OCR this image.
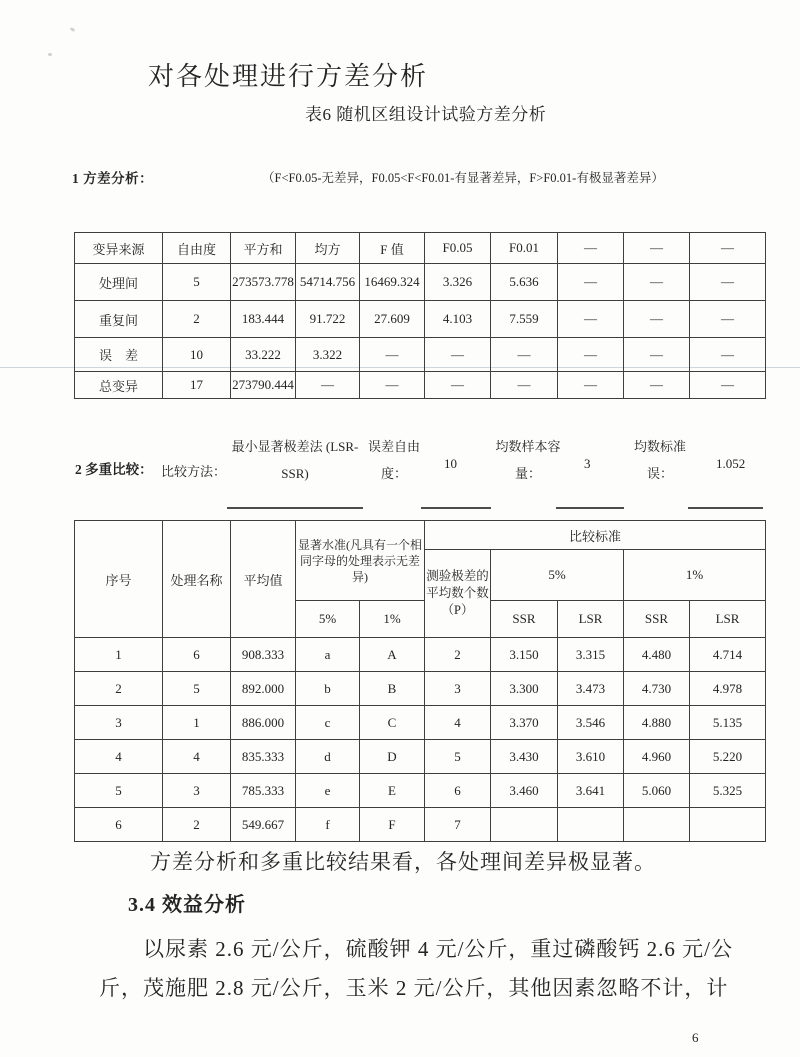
对各处理进行方差分析
表6 随机区组设计试验方差分析
1 方差分析：	（F<F0.05-无差异，F0.05<F<F0.01-有显著差异，F>F0.01-有极显著差异）
变异来源	自由度	平方和	均方	F 值	F0.05	F0.01	—	—	—
处理间	5	273573.778	54714.756	16469.324	3.326	5.636	—	—	—
重复间	2	183.444	91.722	27.609	4.103	7.559	—	—	—
误　差	10	33.222	3.322	—	—	—	—	—	—
总变异	17	273790.444	—	—	—	—	—	—	—
2 多重比较： 比较方法：
最小显著极差法 (LSR-SSR)
误差自由度：
10
均数样本容量：
3
均数标准误：
1.052
序号	处理名称	平均值	显著水准(凡具有一个相同字母的处理表示无差异)		比较标准				
					测验极差的平均数个数（P）	5%		1%	
			5%	1%		SSR	LSR	SSR	LSR
1	6	908.333	a	A	2	3.150	3.315	4.480	4.714
2	5	892.000	b	B	3	3.300	3.473	4.730	4.978
3	1	886.000	c	C	4	3.370	3.546	4.880	5.135
4	4	835.333	d	D	5	3.430	3.610	4.960	5.220
5	3	785.333	e	E	6	3.460	3.641	5.060	5.325
6	2	549.667	f	F	7				
方差分析和多重比较结果看，各处理间差异极显著。
3.4 效益分析
以尿素 2.6 元/公斤，硫酸钾 4 元/公斤，重过磷酸钙 2.6 元/公
斤，茂施肥 2.8 元/公斤，玉米 2 元/公斤，其他因素忽略不计，计
6
